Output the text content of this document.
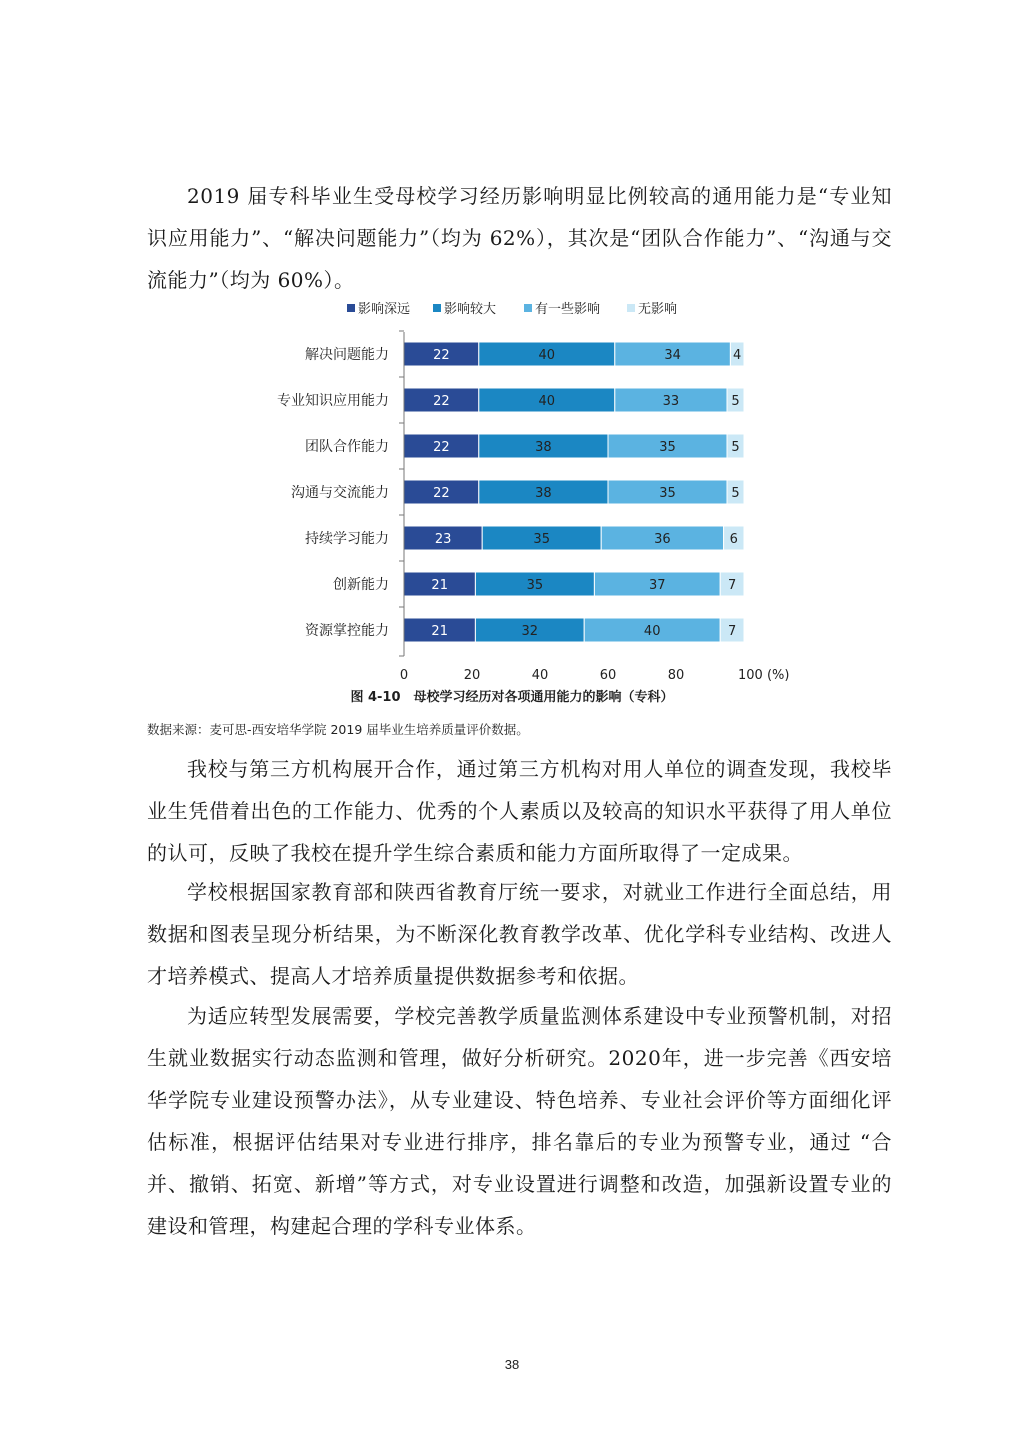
2019 届专科毕业生受母校学习经历影响明显比例较高的通用能力是“专业知识应用能力”、“解决问题能力”（均为 62%），其次是“团队合作能力”、“沟通与交流能力”（均为 60%）。

影响深远	影响较大	有一些影响	无影响
解决问题能力	22	40	34	4
专业知识应用能力	22	40	33	5
团队合作能力	22	38	35	5
沟通与交流能力	22	38	35	5
持续学习能力	23	35	36	6
创新能力	21	35	37	7
资源掌控能力	21	32	40	7
0	20	40	60	80	100 (%)
图 4-10　母校学习经历对各项通用能力的影响（专科）
数据来源：麦可思-西安培华学院 2019 届毕业生培养质量评价数据。

我校与第三方机构展开合作，通过第三方机构对用人单位的调查发现，我校毕业生凭借着出色的工作能力、优秀的个人素质以及较高的知识水平获得了用人单位的认可，反映了我校在提升学生综合素质和能力方面所取得了一定成果。

学校根据国家教育部和陕西省教育厅统一要求，对就业工作进行全面总结，用数据和图表呈现分析结果，为不断深化教育教学改革、优化学科专业结构、改进人才培养模式、提高人才培养质量提供数据参考和依据。

为适应转型发展需要，学校完善教学质量监测体系建设中专业预警机制，对招生就业数据实行动态监测和管理，做好分析研究。2020年，进一步完善《西安培华学院专业建设预警办法》，从专业建设、特色培养、专业社会评价等方面细化评估标准，根据评估结果对专业进行排序，排名靠后的专业为预警专业，通过 “合并、撤销、拓宽、新增”等方式，对专业设置进行调整和改造，加强新设置专业的建设和管理，构建起合理的学科专业体系。

38
